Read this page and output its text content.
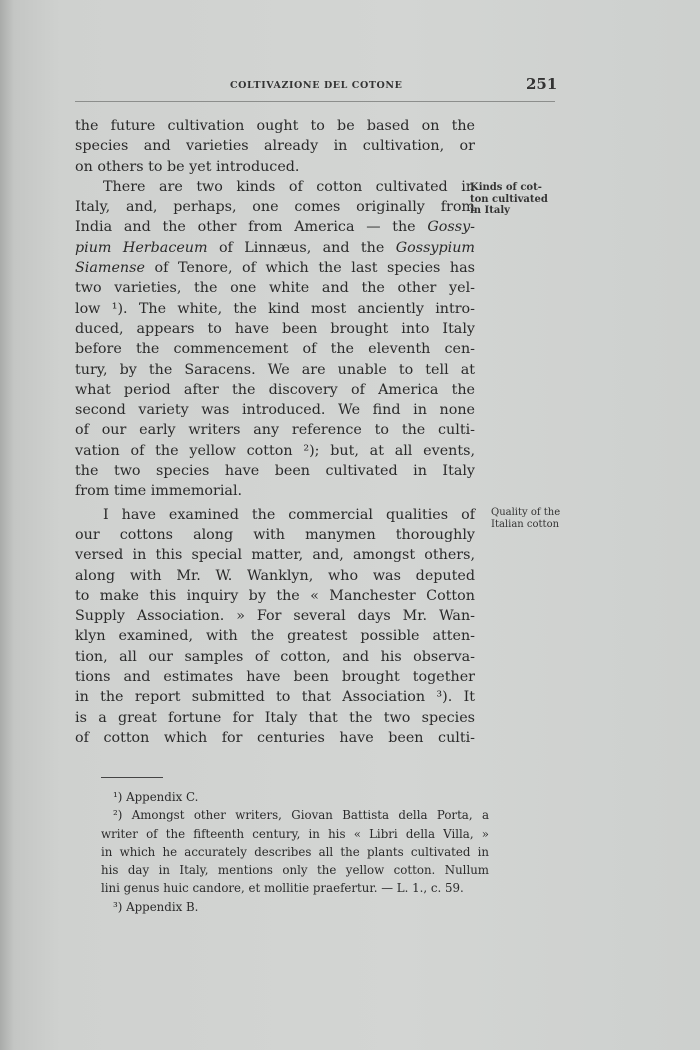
COLTIVAZIONE DEL COTONE	251
the future cultivation ought to be based on the
species and varieties already in cultivation, or
on others to be yet introduced.
There are two kinds of cotton cultivated in
Italy, and, perhaps, one comes originally from
India and the other from America — the Gossy-
pium Herbaceum of Linnæus, and the Gossypium
Siamense of Tenore, of which the last species has
two varieties, the one white and the other yel-
low ¹). The white, the kind most anciently intro-
duced, appears to have been brought into Italy
before the commencement of the eleventh cen-
tury, by the Saracens. We are unable to tell at
what period after the discovery of America the
second variety was introduced. We find in none
of our early writers any reference to the culti-
vation of the yellow cotton ²); but, at all events,
the two species have been cultivated in Italy
from time immemorial.
I have examined the commercial qualities of
our cottons along with manymen thoroughly
versed in this special matter, and, amongst others,
along with Mr. W. Wanklyn, who was deputed
to make this inquiry by the « Manchester Cotton
Supply Association. » For several days Mr. Wan-
klyn examined, with the greatest possible atten-
tion, all our samples of cotton, and his observa-
tions and estimates have been brought together
in the report submitted to that Association ³). It
is a great fortune for Italy that the two species
of cotton which for centuries have been culti-
Kinds of cot-
ton cultivated
in Italy
Quality of the
Italian cotton
¹) Appendix C.
²) Amongst other writers, Giovan Battista della Porta, a
writer of the fifteenth century, in his « Libri della Villa, »
in which he accurately describes all the plants cultivated in
his day in Italy, mentions only the yellow cotton. Nullum
lini genus huic candore, et mollitie praefertur. — L. 1., c. 59.
³) Appendix B.
